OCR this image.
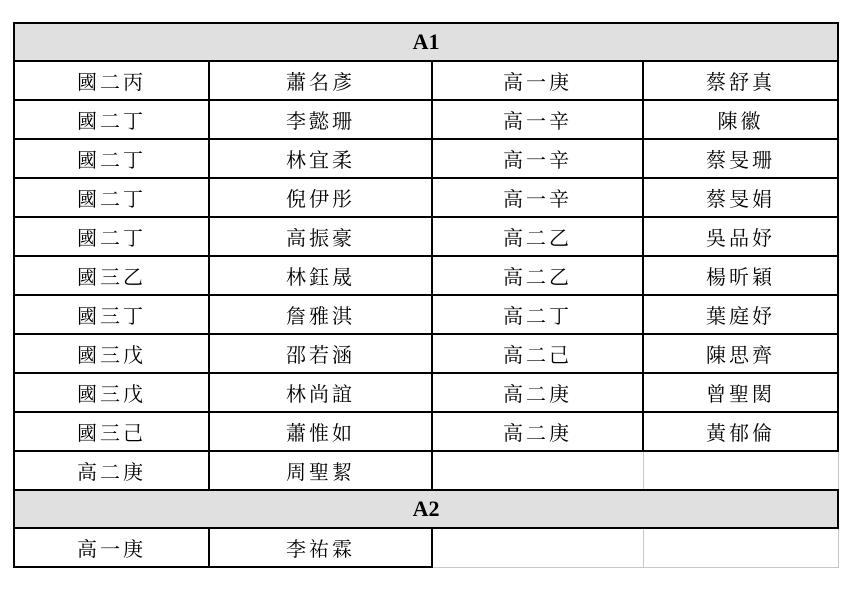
A1			
國二丙	蕭名彥	高一庚	蔡舒真
國二丁	李懿珊	高一辛	陳徽
國二丁	林宜柔	高一辛	蔡旻珊
國二丁	倪伊彤	高一辛	蔡旻娟
國二丁	高振豪	高二乙	吳品妤
國三乙	林鈺晟	高二乙	楊昕穎
國三丁	詹雅淇	高二丁	葉庭妤
國三戊	邵若涵	高二己	陳思齊
國三戊	林尚誼	高二庚	曾聖閎
國三己	蕭惟如	高二庚	黃郁倫
高二庚	周聖絜		
A2			
高一庚	李祐霖		
